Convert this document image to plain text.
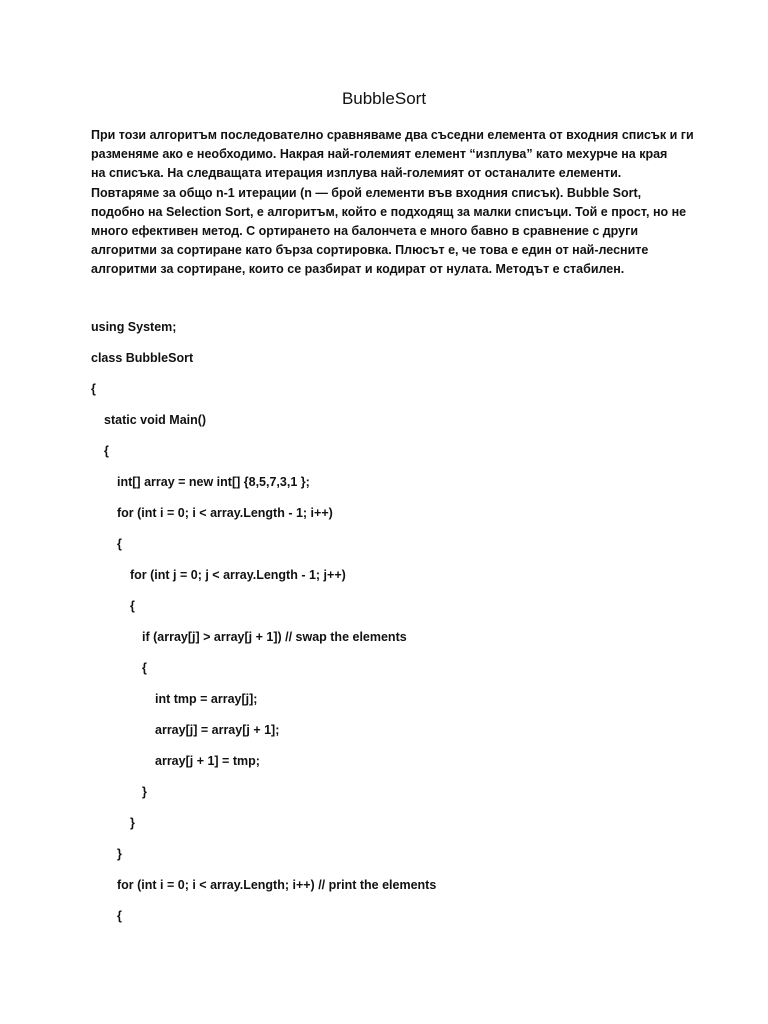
BubbleSort
При този алгоритъм последователно сравняваме два съседни елемента от входния списък и ги
разменяме ако е необходимо. Накрая най-големият елемент “изплува” като мехурче на края
на списъка. На следващата итерация изплува най-големият от останалите елементи.
Повтаряме за общо n-1 итерации (n — брой елементи във входния списък). Bubble Sort,
подобно на Selection Sort, е алгоритъм, който е подходящ за малки списъци. Той е прост, но не
много ефективен метод. С ортирането на балончета е много бавно в сравнение с други
алгоритми за сортиране като бърза сортировка. Плюсът е, че това е един от най-лесните
алгоритми за сортиране, които се разбират и кодират от нулата. Методът е стабилен.
using System;
class BubbleSort
{
static void Main()
{
int[] array = new int[] {8,5,7,3,1 };
for (int i = 0; i < array.Length - 1; i++)
{
for (int j = 0; j < array.Length - 1; j++)
{
if (array[j] > array[j + 1]) // swap the elements
{
int tmp = array[j];
array[j] = array[j + 1];
array[j + 1] = tmp;
}
}
}
for (int i = 0; i < array.Length; i++) // print the elements
{
